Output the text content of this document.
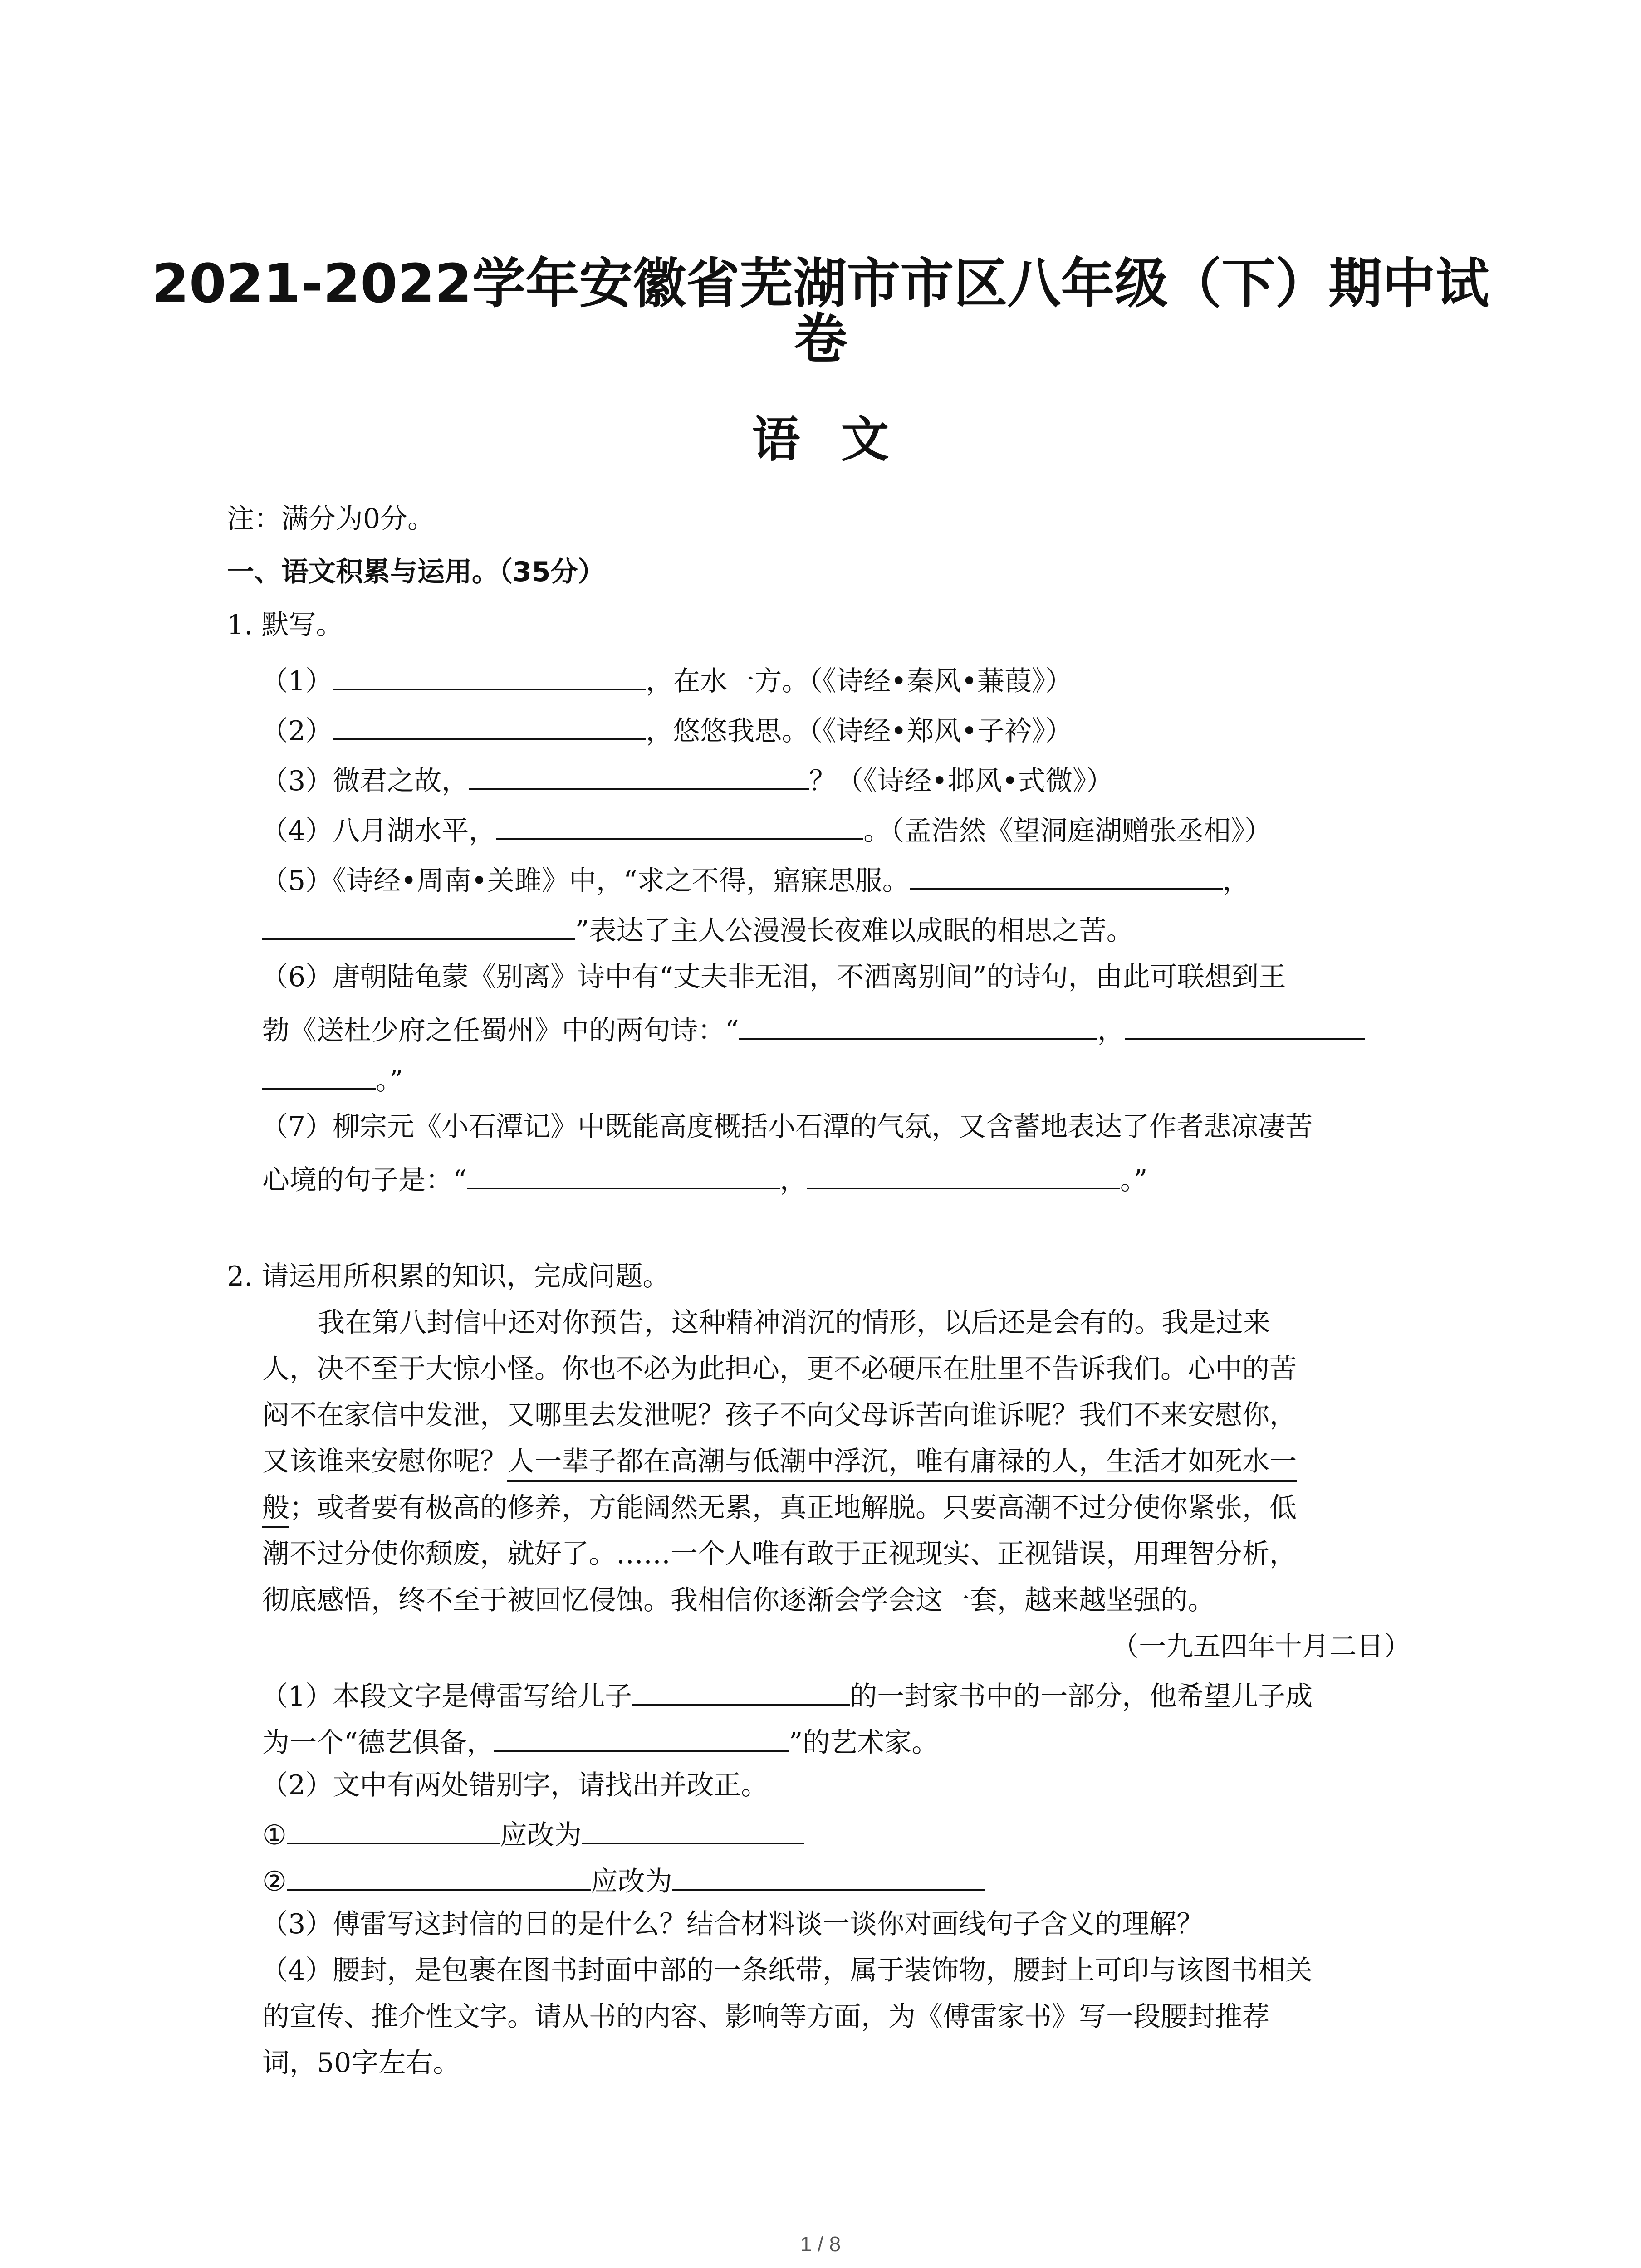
2021-2022学年安徽省芜湖市市区八年级（下）期中试
卷
语文
注：满分为0分。
一、语文积累与运用。（35分）
1. 默写。
（1）	，在水一方。（《诗经•秦风•蒹葭》）
（2）	，悠悠我思。（《诗经•郑风•子衿》）
（3）微君之故，	？（《诗经•邶风•式微》）
（4）八月湖水平，	。（孟浩然《望洞庭湖赠张丞相》）
（5）《诗经•周南•关雎》中，“求之不得，寤寐思服。	，
”表达了主人公漫漫长夜难以成眠的相思之苦。
（6）唐朝陆龟蒙《别离》诗中有“丈夫非无泪，不洒离别间”的诗句，由此可联想到王
勃《送杜少府之任蜀州》中的两句诗：“	，
。”
（7）柳宗元《小石潭记》中既能高度概括小石潭的气氛，又含蓄地表达了作者悲凉凄苦
心境的句子是：“	，	。”
2. 请运用所积累的知识，完成问题。
我在第八封信中还对你预告，这种精神消沉的情形，以后还是会有的。我是过来
人，决不至于大惊小怪。你也不必为此担心，更不必硬压在肚里不告诉我们。心中的苦
闷不在家信中发泄，又哪里去发泄呢？孩子不向父母诉苦向谁诉呢？我们不来安慰你，
又该谁来安慰你呢？人一辈子都在高潮与低潮中浮沉，唯有庸禄的人，生活才如死水一
般；或者要有极高的修养，方能阔然无累，真正地解脱。只要高潮不过分使你紧张，低
潮不过分使你颓废，就好了。……一个人唯有敢于正视现实、正视错误，用理智分析，
彻底感悟，终不至于被回忆侵蚀。我相信你逐渐会学会这一套，越来越坚强的。
（一九五四年十月二日）
（1）本段文字是傅雷写给儿子	的一封家书中的一部分，他希望儿子成
为一个“德艺俱备，	”的艺术家。
（2）文中有两处错别字，请找出并改正。
①	应改为
②	应改为
（3）傅雷写这封信的目的是什么？结合材料谈一谈你对画线句子含义的理解？
（4）腰封，是包裹在图书封面中部的一条纸带，属于装饰物，腰封上可印与该图书相关
的宣传、推介性文字。请从书的内容、影响等方面，为《傅雷家书》写一段腰封推荐
词，50字左右。
1 / 8
